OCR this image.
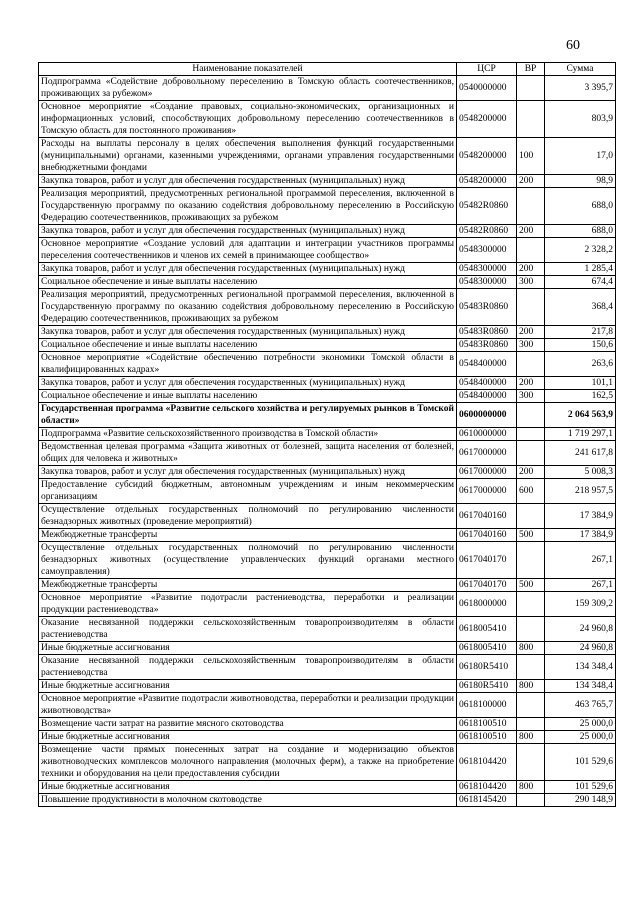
60
Наименование показателей	ЦСР	ВР	Сумма
Подпрограмма «Содействие добровольному переселению в Томскую область соотечественников, проживающих за рубежом»	0540000000		3 395,7
Основное мероприятие «Создание правовых, социально-экономических, организационных и информационных условий, способствующих добровольному переселению соотечественников в Томскую область для постоянного проживания»	0548200000		803,9
Расходы на выплаты персоналу в целях обеспечения выполнения функций государственными (муниципальными) органами, казенными учреждениями, органами управления государственными внебюджетными фондами	0548200000	100	17,0
Закупка товаров, работ и услуг для обеспечения государственных (муниципальных) нужд	0548200000	200	98,9
Реализация мероприятий, предусмотренных региональной программой переселения, включенной в Государственную программу по оказанию содействия добровольному переселению в Российскую Федерацию соотечественников, проживающих за рубежом	05482R0860		688,0
Закупка товаров, работ и услуг для обеспечения государственных (муниципальных) нужд	05482R0860	200	688,0
Основное мероприятие «Создание условий для адаптации и интеграции участников программы переселения соотечественников и членов их семей в принимающее сообщество»	0548300000		2 328,2
Закупка товаров, работ и услуг для обеспечения государственных (муниципальных) нужд	0548300000	200	1 285,4
Социальное обеспечение и иные выплаты населению	0548300000	300	674,4
Реализация мероприятий, предусмотренных региональной программой переселения, включенной в Государственную программу по оказанию содействия добровольному переселению в Российскую Федерацию соотечественников, проживающих за рубежом	05483R0860		368,4
Закупка товаров, работ и услуг для обеспечения государственных (муниципальных) нужд	05483R0860	200	217,8
Социальное обеспечение и иные выплаты населению	05483R0860	300	150,6
Основное мероприятие «Содействие обеспечению потребности экономики Томской области в квалифицированных кадрах»	0548400000		263,6
Закупка товаров, работ и услуг для обеспечения государственных (муниципальных) нужд	0548400000	200	101,1
Социальное обеспечение и иные выплаты населению	0548400000	300	162,5
Государственная программа «Развитие сельского хозяйства и регулируемых рынков в Томской области»	0600000000		2 064 563,9
Подпрограмма «Развитие сельскохозяйственного производства в Томской области»	0610000000		1 719 297,1
Ведомственная целевая программа «Защита животных от болезней, защита населения от болезней, общих для человека и животных»	0617000000		241 617,8
Закупка товаров, работ и услуг для обеспечения государственных (муниципальных) нужд	0617000000	200	5 008,3
Предоставление субсидий бюджетным, автономным учреждениям и иным некоммерческим организациям	0617000000	600	218 957,5
Осуществление отдельных государственных полномочий по регулированию численности безнадзорных животных (проведение мероприятий)	0617040160		17 384,9
Межбюджетные трансферты	0617040160	500	17 384,9
Осуществление отдельных государственных полномочий по регулированию численности безнадзорных животных (осуществление управленческих функций органами местного самоуправления)	0617040170		267,1
Межбюджетные трансферты	0617040170	500	267,1
Основное мероприятие «Развитие подотрасли растениеводства, переработки и реализации продукции растениеводства»	0618000000		159 309,2
Оказание несвязанной поддержки сельскохозяйственным товаропроизводителям в области растениеводства	0618005410		24 960,8
Иные бюджетные ассигнования	0618005410	800	24 960,8
Оказание несвязанной поддержки сельскохозяйственным товаропроизводителям в области растениеводства	06180R5410		134 348,4
Иные бюджетные ассигнования	06180R5410	800	134 348,4
Основное мероприятие «Развитие подотрасли животноводства, переработки и реализации продукции животноводства»	0618100000		463 765,7
Возмещение части затрат на развитие мясного скотоводства	0618100510		25 000,0
Иные бюджетные ассигнования	0618100510	800	25 000,0
Возмещение части прямых понесенных затрат на создание и модернизацию объектов животноводческих комплексов молочного направления (молочных ферм), а также на приобретение техники и оборудования на цели предоставления субсидии	0618104420		101 529,6
Иные бюджетные ассигнования	0618104420	800	101 529,6
Повышение продуктивности в молочном скотоводстве	0618145420		290 148,9
